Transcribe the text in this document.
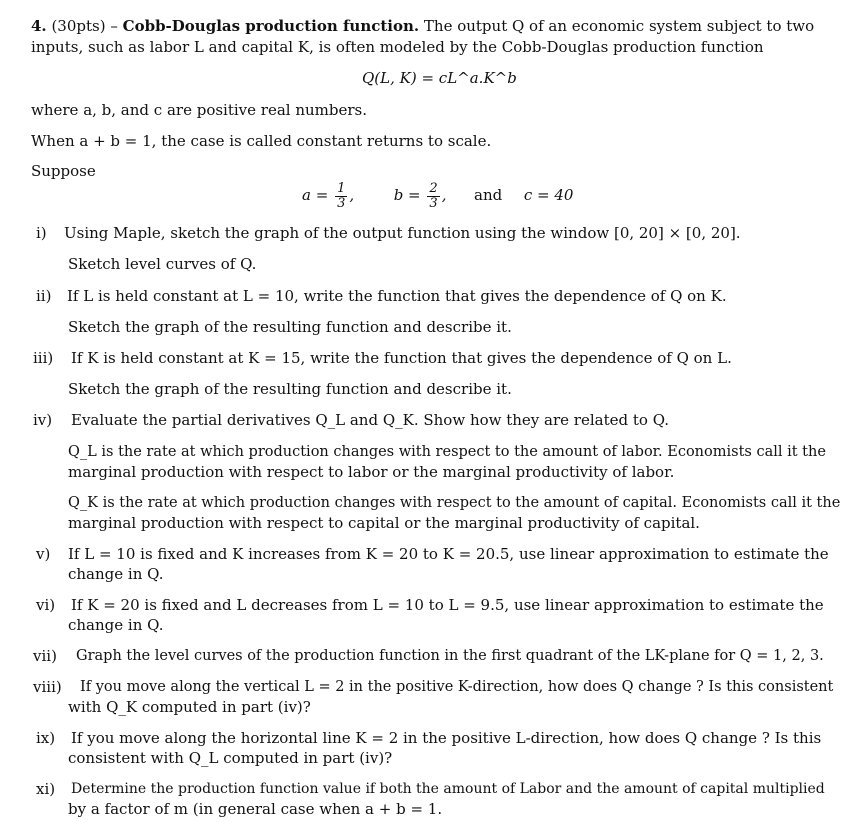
4. (30pts) – Cobb-Douglas production function. The output Q of an economic system subject to two
inputs, such as labor L and capital K, is often modeled by the Cobb-Douglas production function
Q(L, K) = cL^a.K^b
where a, b, and c are positive real numbers.
When a + b = 1, the case is called constant returns to scale.
Suppose
$a = \frac{1}{3}$ ,	$b = \frac{2}{3}$ , and c = 40
i) Using Maple, sketch the graph of the output function using the window [0, 20] × [0, 20].
Sketch level curves of Q.
ii) If L is held constant at L = 10, write the function that gives the dependence of Q on K.
Sketch the graph of the resulting function and describe it.
iii) If K is held constant at K = 15, write the function that gives the dependence of Q on L.
Sketch the graph of the resulting function and describe it.
iv) Evaluate the partial derivatives Q_L and Q_K. Show how they are related to Q.
Q_L is the rate at which production changes with respect to the amount of labor. Economists call it the
marginal production with respect to labor or the marginal productivity of labor.
Q_K is the rate at which production changes with respect to the amount of capital. Economists call it the
marginal production with respect to capital or the marginal productivity of capital.
v) If L = 10 is fixed and K increases from K = 20 to K = 20.5, use linear approximation to estimate the
change in Q.
vi) If K = 20 is fixed and L decreases from L = 10 to L = 9.5, use linear approximation to estimate the
change in Q.
vii) Graph the level curves of the production function in the first quadrant of the LK-plane for Q = 1, 2, 3.
viii) If you move along the vertical L = 2 in the positive K-direction, how does Q change ? Is this consistent
with Q_K computed in part (iv)?
ix) If you move along the horizontal line K = 2 in the positive L-direction, how does Q change ? Is this
consistent with Q_L computed in part (iv)?
xi) Determine the production function value if both the amount of Labor and the amount of capital multiplied
by a factor of m (in general case when a + b = 1.
